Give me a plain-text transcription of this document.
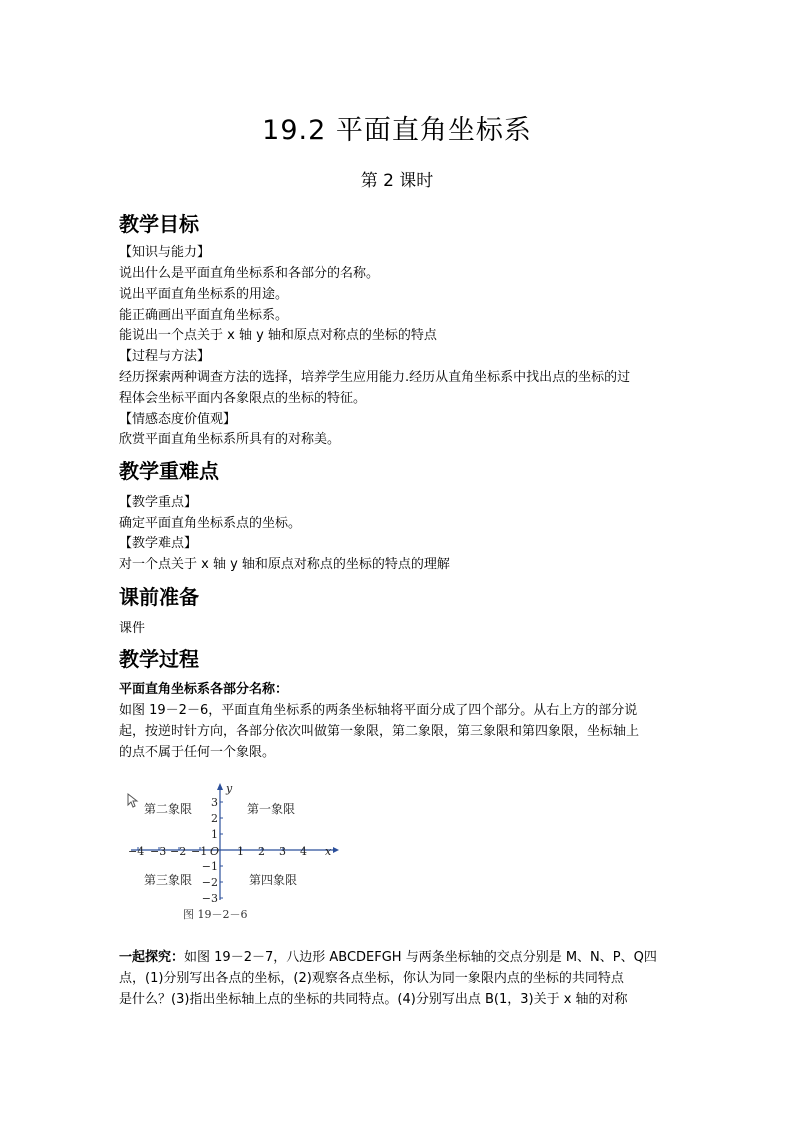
19.2 平面直角坐标系
第 2 课时
教学目标
【知识与能力】
说出什么是平面直角坐标系和各部分的名称。
说出平面直角坐标系的用途。
能正确画出平面直角坐标系。
能说出一个点关于 x 轴 y 轴和原点对称点的坐标的特点
【过程与方法】
经历探索两种调查方法的选择，培养学生应用能力.经历从直角坐标系中找出点的坐标的过
程体会坐标平面内各象限点的坐标的特征。
【情感态度价值观】
欣赏平面直角坐标系所具有的对称美。
教学重难点
【教学重点】
确定平面直角坐标系点的坐标。
【教学难点】
对一个点关于 x 轴 y 轴和原点对称点的坐标的特点的理解
课前准备
课件
教学过程
平面直角坐标系各部分名称：
如图 19－2－6，平面直角坐标系的两条坐标轴将平面分成了四个部分。从右上方的部分说
起，按逆时针方向，各部分依次叫做第一象限，第二象限，第三象限和第四象限，坐标轴上
的点不属于任何一个象限。
−4 −3 −2 −1	1 2 3 4
O	x
y
3
2
1
−1
−2
−3
第二象限	第一象限
第三象限	第四象限
图 19－2－6
一起探究：如图 19－2－7，八边形 ABCDEFGH 与两条坐标轴的交点分别是 M、N、P、Q四
点，(1)分别写出各点的坐标，(2)观察各点坐标，你认为同一象限内点的坐标的共同特点
是什么？(3)指出坐标轴上点的坐标的共同特点。(4)分别写出点 B(1，3)关于 x 轴的对称
